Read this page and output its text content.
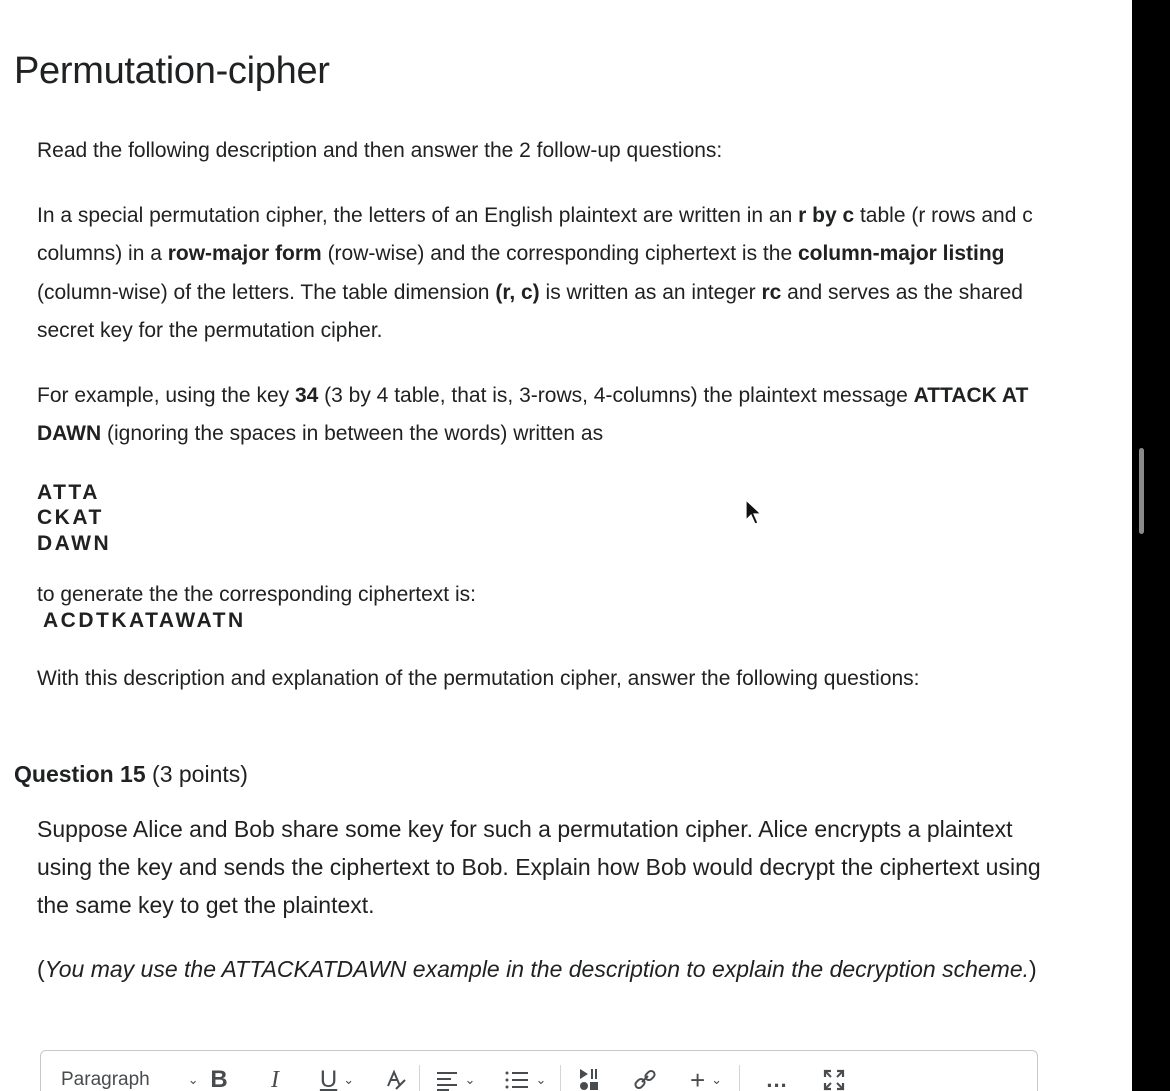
Permutation-cipher

Read the following description and then answer the 2 follow-up questions:

In a special permutation cipher, the letters of an English plaintext are written in an r by c table (r rows and c columns) in a row-major form (row-wise) and the corresponding ciphertext is the column-major listing (column-wise) of the letters. The table dimension (r, c) is written as an integer rc and serves as the shared secret key for the permutation cipher.

For example, using the key 34 (3 by 4 table, that is, 3-rows, 4-columns) the plaintext message ATTACK AT DAWN (ignoring the spaces in between the words) written as

ATTA
CKAT
DAWN
to generate the the corresponding ciphertext is:
ACDTKATAWATN

With this description and explanation of the permutation cipher, answer the following questions:

Question 15 (3 points)

Suppose Alice and Bob share some key for such a permutation cipher. Alice encrypts a plaintext using the key and sends the ciphertext to Bob. Explain how Bob would decrypt the ciphertext using the same key to get the plaintext.

(You may use the ATTACKATDAWN example in the description to explain the decryption scheme.)

Paragraph	⌄ B I U ⌄	⌄	⌄	+ ⌄ ...
